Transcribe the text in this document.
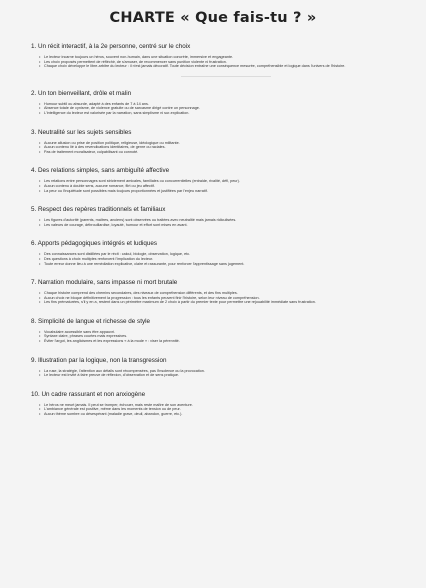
CHARTE « Que fais-tu ? »
1. Un récit interactif, à la 2e personne, centré sur le choix
• Le lecteur incarne toujours un héros, souvent non-humain, dans une situation concrète, immersive et engageante.
• Les choix proposés permettent de réfléchir, de s'amuser, de recommencer sans punition violente ni frustration.
• Chaque choix développe le libre-arbitre du lecteur : il n'est jamais décoratif. Toute décision entraîne une conséquence mesurée, compréhensible et logique dans l'univers de l'histoire.
2. Un ton bienveillant, drôle et malin
• Humour subtil ou absurde, adapté à des enfants de 7 à 14 ans.
• Absence totale de cynisme, de violence gratuite ou de sarcasme dirigé contre un personnage.
• L'intelligence du lecteur est valorisée par la narration, sans simplisme ni sur-explication.
3. Neutralité sur les sujets sensibles
• Aucune allusion ou prise de position politique, religieuse, idéologique ou militante.
• Aucun contenu lié à des revendications identitaires, de genre ou raciales.
• Pas de traitement moralisateur, culpabilisant ou connoté.
4. Des relations simples, sans ambiguïté affective
• Les relations entre personnages sont strictement amicales, familiales ou concurrentielles (entraide, rivalité, défi, peur).
• Aucun contenu à double sens, aucune romance, flirt ou jeu affectif.
• La peur ou l'inquiétude sont possibles mais toujours proportionnées et justifiées par l'enjeu narratif.
5. Respect des repères traditionnels et familiaux
• Les figures d'autorité (parents, maîtres, anciens) sont observées ou traitées avec neutralité mais jamais ridiculisées.
• Les valeurs de courage, débrouillardise, loyauté, humour et effort sont mises en avant.
6. Apports pédagogiques intégrés et ludiques
• Des connaissances sont distillées par le récit : calcul, biologie, observation, logique, etc.
• Des questions à choix multiples renforcent l'implication du lecteur.
• Toute erreur donne lieu à une remédiation explicative, claire et rassurante, pour renforcer l'apprentissage sans jugement.
7. Narration modulaire, sans impasse ni mort brutale
• Chaque histoire comprend des chemins secondaires, des niveaux de compréhension différents, et des fins multiples.
• Aucun choix ne bloque définitivement la progression : tous les enfants peuvent finir l'histoire, selon leur niveau de compréhension.
• Les fins prématurées, s'il y en a, restent dans un périmètre maximum de 2 choix à partir du premier texte pour permettre une rejouabilité immédiate sans frustration.
8. Simplicité de langue et richesse de style
• Vocabulaire accessible sans être appauvri.
• Syntaxe claire, phrases courtes mais expressives.
• Éviter l'argot, les anglicismes et les expressions « à la mode » : viser la pérennité.
9. Illustration par la logique, non la transgression
• La ruse, la stratégie, l'attention aux détails sont récompensées, pas l'insolence ou la provocation.
• Le lecteur est invité à faire preuve de réflexion, d'observation et de sens pratique.
10. Un cadre rassurant et non anxiogène
• Le héros ne meurt jamais. Il peut se tromper, échouer, mais reste maître de son aventure.
• L'ambiance générale est positive, même dans les moments de tension ou de peur.
• Aucun thème sombre ou désespérant (maladie grave, deuil, abandon, guerre, etc.).
